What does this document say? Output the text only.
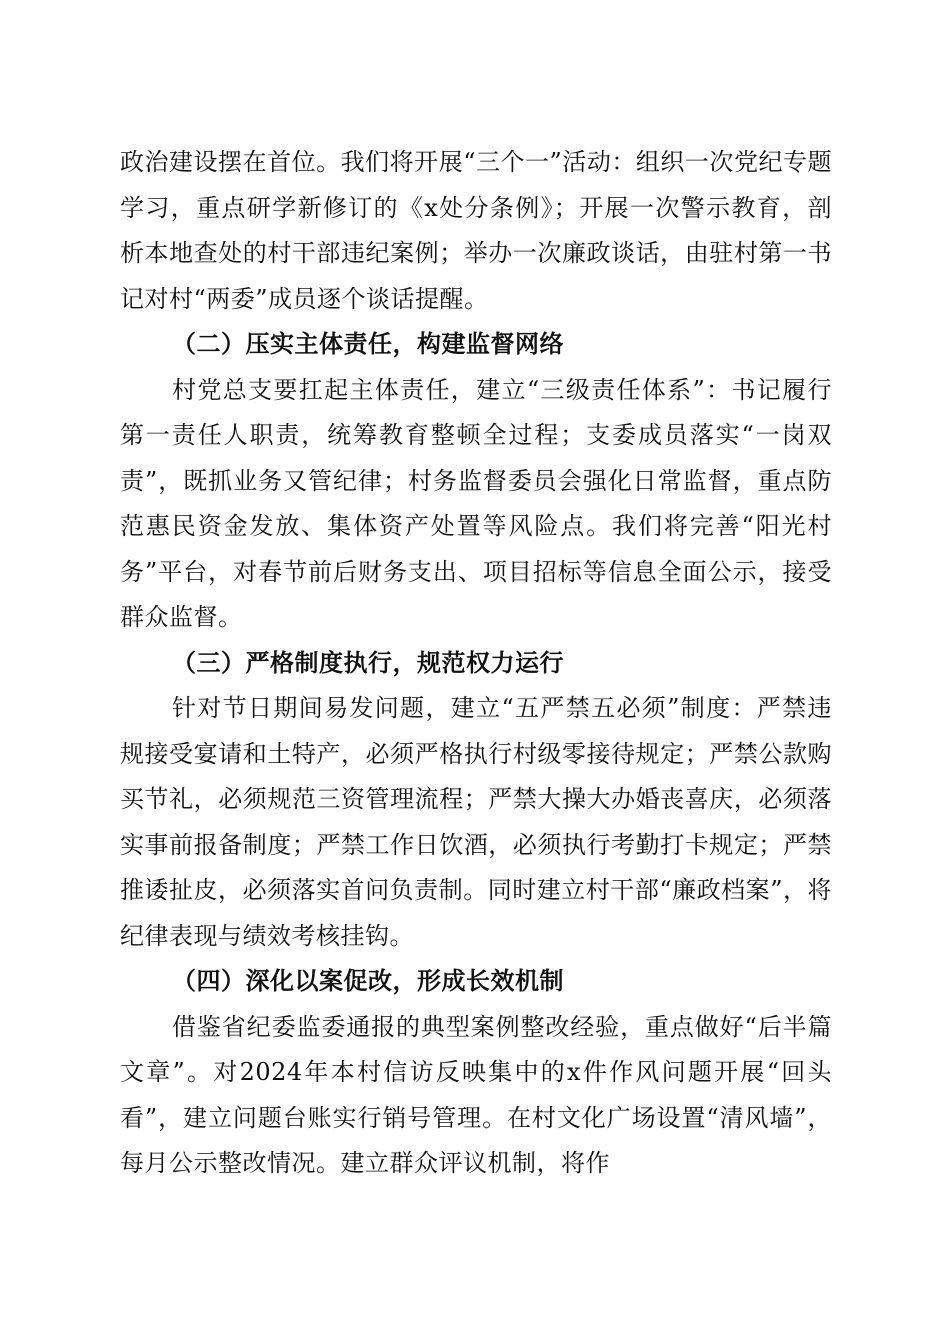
政治建设摆在首位。我们将开展“三个一”活动：组织一次党纪专题学习，重点研学新修订的《x处分条例》；开展一次警示教育，剖析本地查处的村干部违纪案例；举办一次廉政谈话，由驻村第一书记对村“两委”成员逐个谈话提醒。

（二）压实主体责任，构建监督网络

村党总支要扛起主体责任，建立“三级责任体系”：书记履行第一责任人职责，统筹教育整顿全过程；支委成员落实“一岗双责”，既抓业务又管纪律；村务监督委员会强化日常监督，重点防范惠民资金发放、集体资产处置等风险点。我们将完善“阳光村务”平台，对春节前后财务支出、项目招标等信息全面公示，接受群众监督。

（三）严格制度执行，规范权力运行

针对节日期间易发问题，建立“五严禁五必须”制度：严禁违规接受宴请和土特产，必须严格执行村级零接待规定；严禁公款购买节礼，必须规范三资管理流程；严禁大操大办婚丧喜庆，必须落实事前报备制度；严禁工作日饮酒，必须执行考勤打卡规定；严禁推诿扯皮，必须落实首问负责制。同时建立村干部“廉政档案”，将纪律表现与绩效考核挂钩。

（四）深化以案促改，形成长效机制

借鉴省纪委监委通报的典型案例整改经验，重点做好“后半篇文章”。对2024年本村信访反映集中的x件作风问题开展“回头看”，建立问题台账实行销号管理。在村文化广场设置“清风墙”，每月公示整改情况。建立群众评议机制，将作
